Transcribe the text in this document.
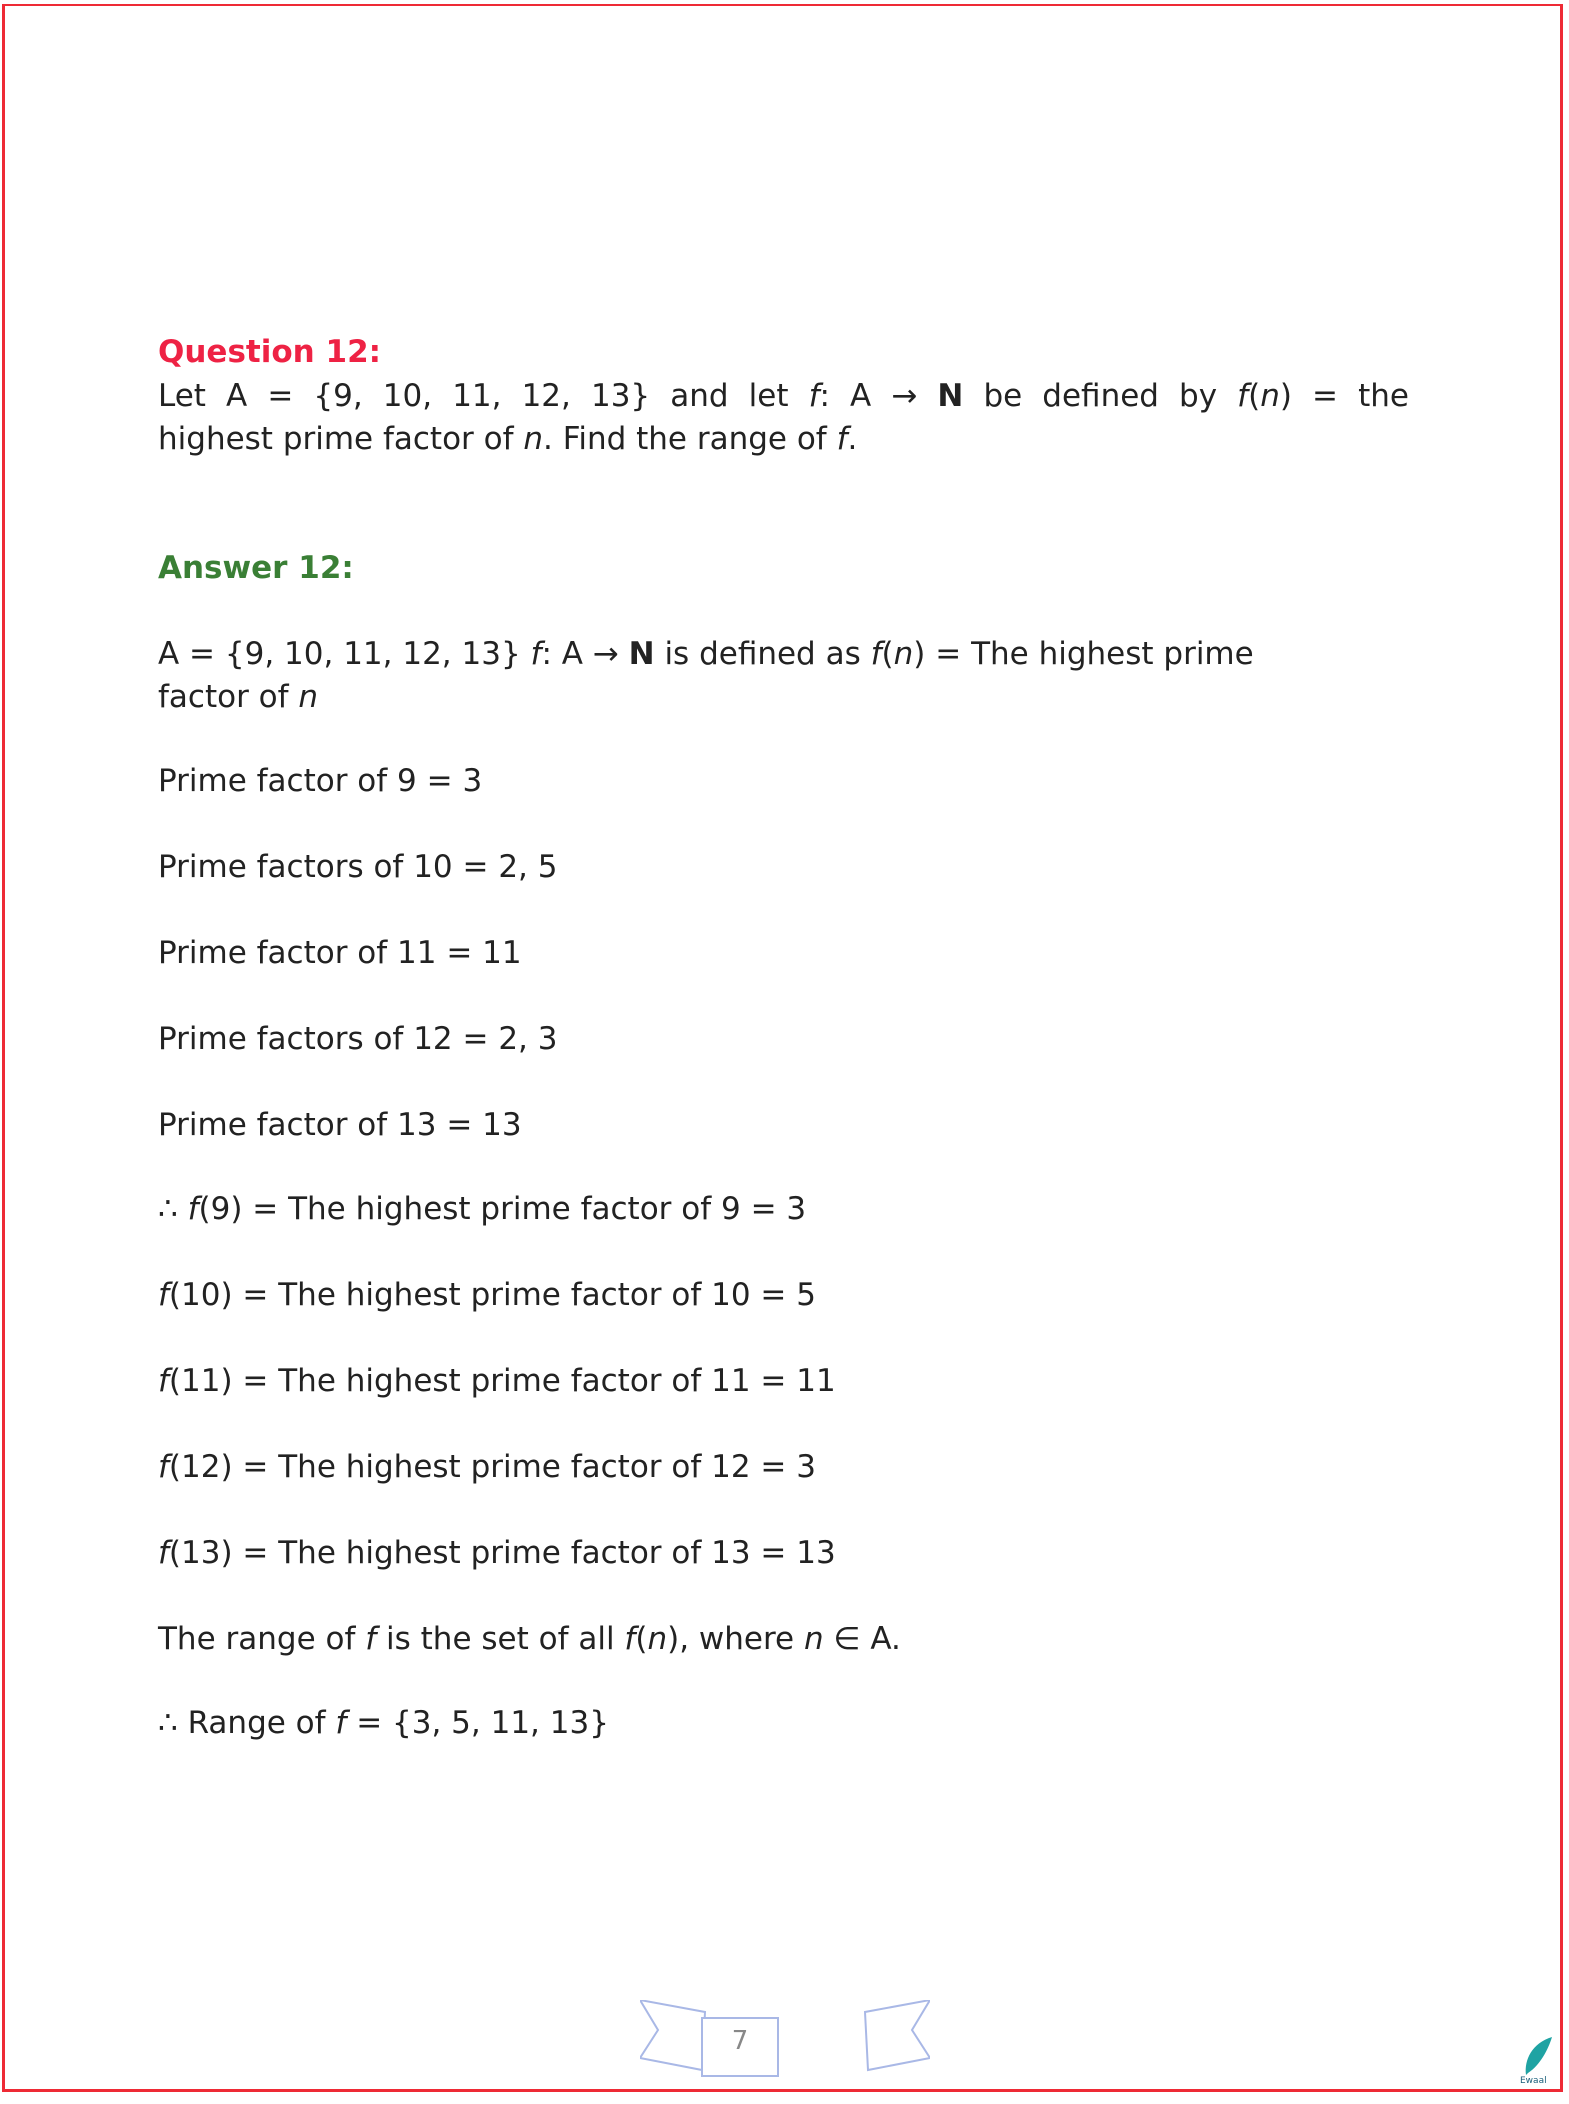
Question 12:
Let A = {9, 10, 11, 12, 13} and let f: A → N be defined by f(n) = the
highest prime factor of n. Find the range of f.
Answer 12:
A = {9, 10, 11, 12, 13} f: A → N is defined as f(n) = The highest prime
factor of n
Prime factor of 9 = 3
Prime factors of 10 = 2, 5
Prime factor of 11 = 11
Prime factors of 12 = 2, 3
Prime factor of 13 = 13
∴ f(9) = The highest prime factor of 9 = 3
f(10) = The highest prime factor of 10 = 5
f(11) = The highest prime factor of 11 = 11
f(12) = The highest prime factor of 12 = 3
f(13) = The highest prime factor of 13 = 13
The range of f is the set of all f(n), where n ∈ A.
∴ Range of f = {3, 5, 11, 13}
7
Ewaal
